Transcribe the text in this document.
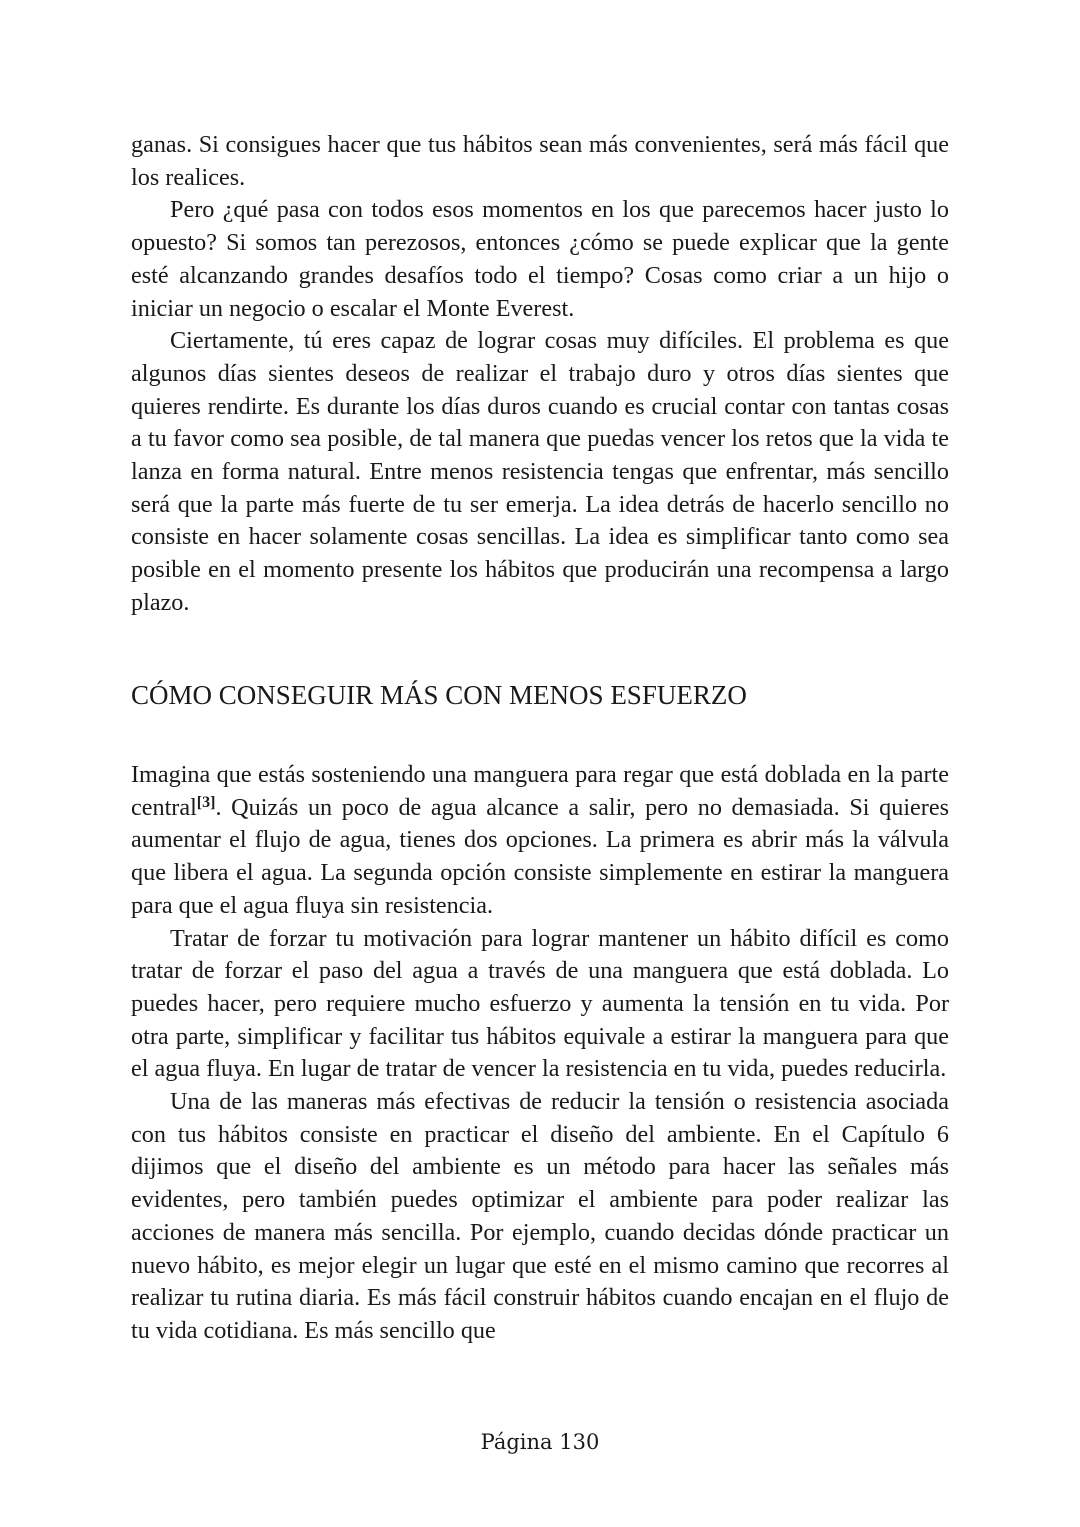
ganas. Si consigues hacer que tus hábitos sean más convenientes, será más fácil que los realices.

Pero ¿qué pasa con todos esos momentos en los que parecemos hacer justo lo opuesto? Si somos tan perezosos, entonces ¿cómo se puede explicar que la gente esté alcanzando grandes desafíos todo el tiempo? Cosas como criar a un hijo o iniciar un negocio o escalar el Monte Everest.

Ciertamente, tú eres capaz de lograr cosas muy difíciles. El problema es que algunos días sientes deseos de realizar el trabajo duro y otros días sientes que quieres rendirte. Es durante los días duros cuando es crucial contar con tantas cosas a tu favor como sea posible, de tal manera que puedas vencer los retos que la vida te lanza en forma natural. Entre menos resistencia tengas que enfrentar, más sencillo será que la parte más fuerte de tu ser emerja. La idea detrás de hacerlo sencillo no consiste en hacer solamente cosas sencillas. La idea es simplificar tanto como sea posible en el momento presente los hábitos que producirán una recompensa a largo plazo.

CÓMO CONSEGUIR MÁS CON MENOS ESFUERZO

Imagina que estás sosteniendo una manguera para regar que está doblada en la parte central[3]. Quizás un poco de agua alcance a salir, pero no demasiada. Si quieres aumentar el flujo de agua, tienes dos opciones. La primera es abrir más la válvula que libera el agua. La segunda opción consiste simplemente en estirar la manguera para que el agua fluya sin resistencia.

Tratar de forzar tu motivación para lograr mantener un hábito difícil es como tratar de forzar el paso del agua a través de una manguera que está doblada. Lo puedes hacer, pero requiere mucho esfuerzo y aumenta la tensión en tu vida. Por otra parte, simplificar y facilitar tus hábitos equivale a estirar la manguera para que el agua fluya. En lugar de tratar de vencer la resistencia en tu vida, puedes reducirla.

Una de las maneras más efectivas de reducir la tensión o resistencia asociada con tus hábitos consiste en practicar el diseño del ambiente. En el Capítulo 6 dijimos que el diseño del ambiente es un método para hacer las señales más evidentes, pero también puedes optimizar el ambiente para poder realizar las acciones de manera más sencilla. Por ejemplo, cuando decidas dónde practicar un nuevo hábito, es mejor elegir un lugar que esté en el mismo camino que recorres al realizar tu rutina diaria. Es más fácil construir hábitos cuando encajan en el flujo de tu vida cotidiana. Es más sencillo que

Página 130
